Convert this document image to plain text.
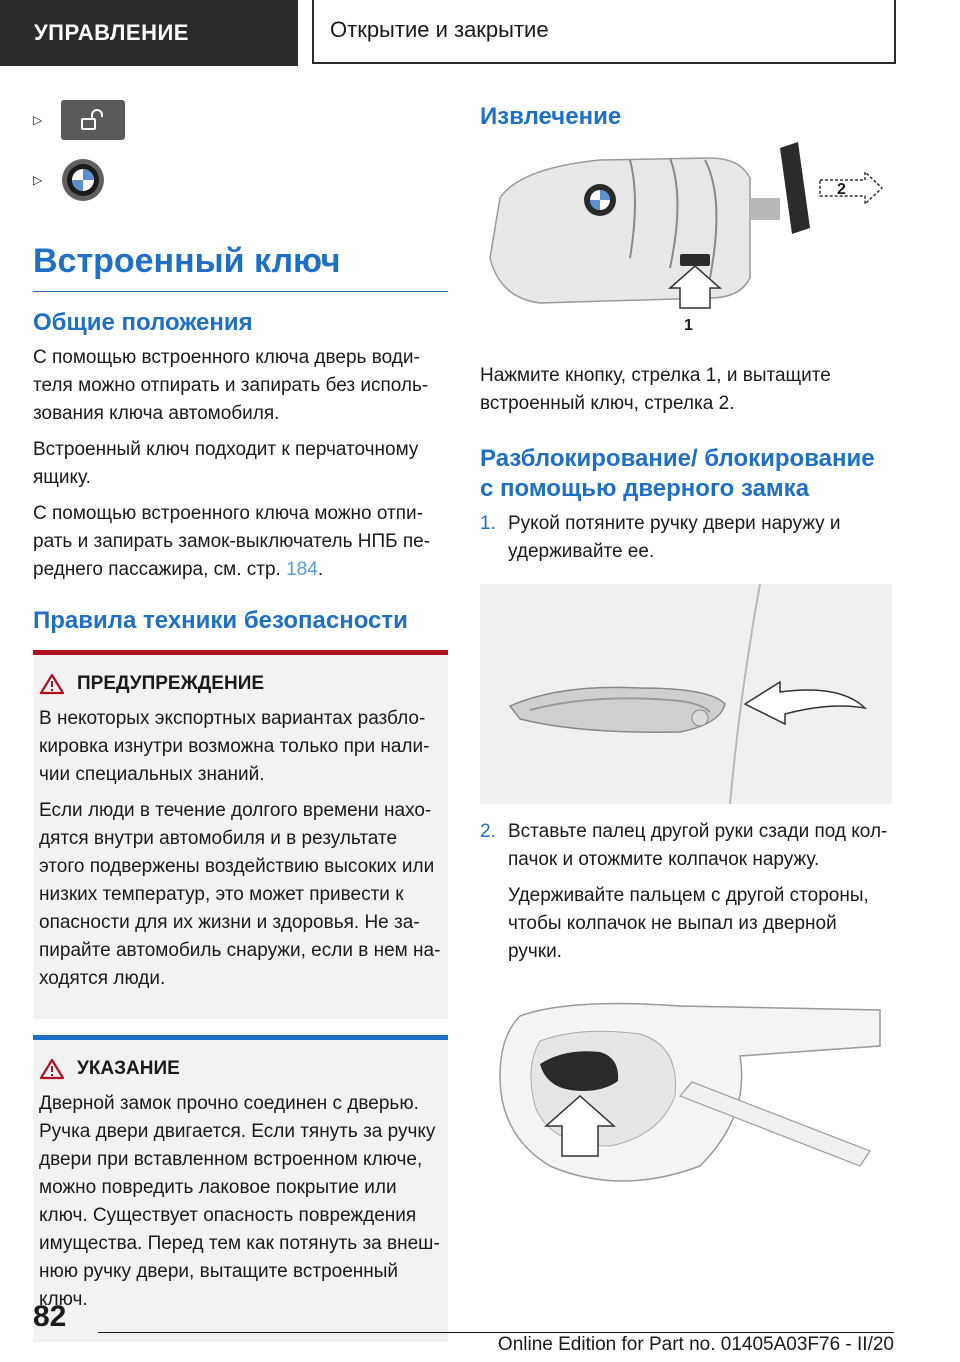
УПРАВЛЕНИЕ	Открытие и закрытие
▷
▷
Встроенный ключ
Общие положения

С помощью встроенного ключа дверь водителя можно отпирать и запирать без использования ключа автомобиля.

Встроенный ключ подходит к перчаточному ящику.

С помощью встроенного ключа можно отпирать и запирать замок-выключатель НПБ переднего пассажира, см. стр. 184.

Правила техники безопасности
ПРЕДУПРЕЖДЕНИЕ

В некоторых экспортных вариантах разблокировка изнутри возможна только при наличии специальных знаний.

Если люди в течение долгого времени находятся внутри автомобиля и в результате этого подвержены воздействию высоких или низких температур, это может привести к опасности для их жизни и здоровья. Не запирайте автомобиль снаружи, если в нем находятся люди.

УКАЗАНИЕ

Дверной замок прочно соединен с дверью. Ручка двери двигается. Если тянуть за ручку двери при вставленном встроенном ключе, можно повредить лаковое покрытие или ключ. Существует опасность повреждения имущества. Перед тем как потянуть за внешнюю ручку двери, вытащите встроенный ключ.

Извлечение
2
1

Нажмите кнопку, стрелка 1, и вытащите встроенный ключ, стрелка 2.

Разблокирование/ блокирование с помощью дверного замка
1. Рукой потяните ручку двери наружу и удерживайте ее.

2. Вставьте палец другой руки сзади под колпачок и отожмите колпачок наружу.

Удерживайте пальцем с другой стороны, чтобы колпачок не выпал из дверной ручки.

82
Online Edition for Part no. 01405A03F76 - II/20
